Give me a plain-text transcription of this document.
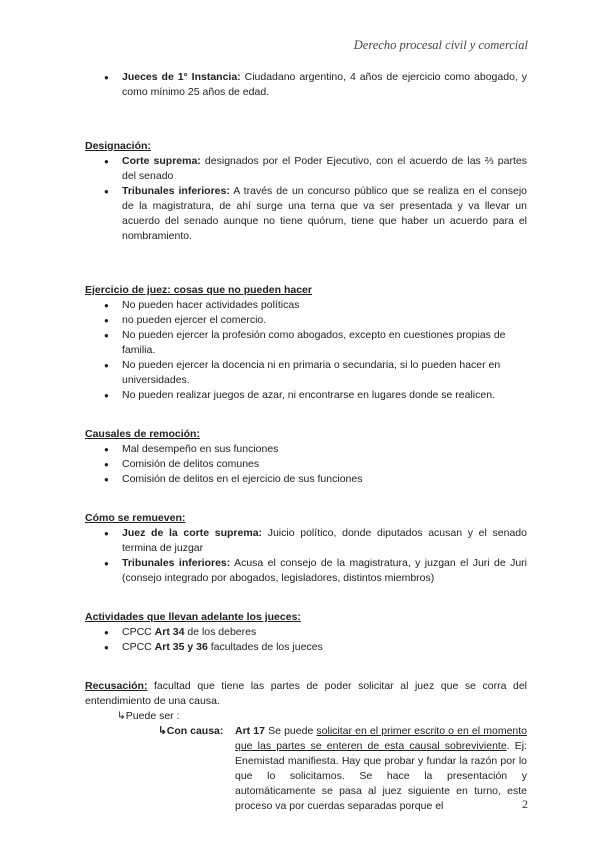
Derecho procesal civil y comercial
● Jueces de 1° Instancia: Ciudadano argentino, 4 años de ejercicio como abogado, y como mínimo 25 años de edad.
Designación:
● Corte suprema: designados por el Poder Ejecutivo, con el acuerdo de las ⅔ partes del senado
● Tribunales inferiores: A través de un concurso público que se realiza en el consejo de la magistratura, de ahí surge una terna que va ser presentada y va llevar un acuerdo del senado aunque no tiene quórum, tiene que haber un acuerdo para el nombramiento.
Ejercicio de juez: cosas que no pueden hacer
● No pueden hacer actividades políticas
● no pueden ejercer el comercio.
● No pueden ejercer la profesión como abogados, excepto en cuestiones propias de familia.
● No pueden ejercer la docencia ni en primaria o secundaria, si lo pueden hacer en universidades.
● No pueden realizar juegos de azar, ni encontrarse en lugares donde se realicen.
Causales de remoción:
● Mal desempeño en sus funciones
● Comisión de delitos comunes
● Comisión de delitos en el ejercicio de sus funciones
Cómo se remueven:
● Juez de la corte suprema: Juicio político, donde diputados acusan y el senado termina de juzgar
● Tribunales inferiores: Acusa el consejo de la magistratura, y juzgan el Juri de Juri (consejo integrado por abogados, legisladores, distintos miembros)
Actividades que llevan adelante los jueces:
● CPCC Art 34 de los deberes
● CPCC Art 35 y 36 facultades de los jueces
Recusación: facultad que tiene las partes de poder solicitar al juez que se corra del entendimiento de una causa.
↳Puede ser :
↳Con causa: Art 17 Se puede solicitar en el primer escrito o en el momento que las partes se enteren de esta causal sobreviviente. Ej: Enemistad manifiesta. Hay que probar y fundar la razón por lo que lo solicitamos. Se hace la presentación y automáticamente se pasa al juez siguiente en turno, este proceso va por cuerdas separadas porque el	2
